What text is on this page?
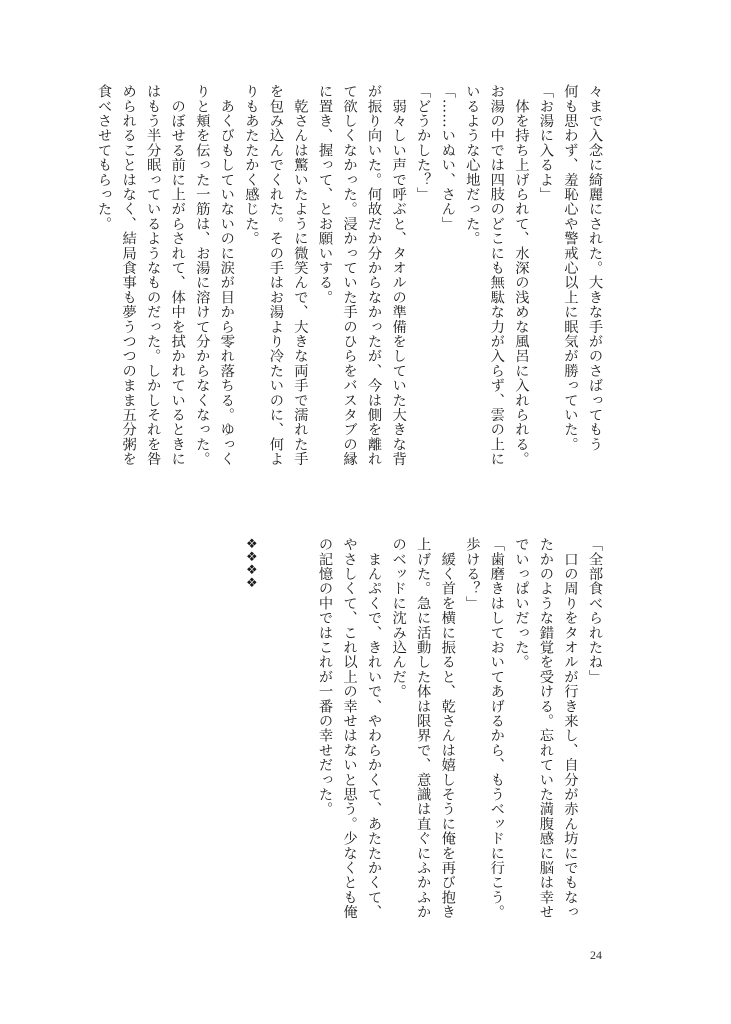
々まで入念に綺麗にされた。大きな手がのさばってもう
何も思わず、羞恥心や警戒心以上に眠気が勝っていた。
「お湯に入るよ」
　体を持ち上げられて、水深の浅めな風呂に入れられる。
お湯の中では四肢のどこにも無駄な力が入らず、雲の上に
いるような心地だった。
「……いぬい、さん」
「どうかした？」
　弱々しい声で呼ぶと、タオルの準備をしていた大きな背
が振り向いた。何故だか分からなかったが、今は側を離れ
て欲しくなかった。浸かっていた手のひらをバスタブの縁
に置き、握って、とお願いする。
　乾さんは驚いたように微笑んで、大きな両手で濡れた手
を包み込んでくれた。その手はお湯より冷たいのに、何よ
りもあたたかく感じた。
　あくびもしていないのに涙が目から零れ落ちる。ゆっく
りと頬を伝った一筋は、お湯に溶けて分からなくなった。
　のぼせる前に上がらされて、体中を拭かれているときに
はもう半分眠っているようなものだった。しかしそれを咎
められることはなく、結局食事も夢うつつのまま五分粥を
食べさせてもらった。
「全部食べられたね」
　口の周りをタオルが行き来し、自分が赤ん坊にでもなっ
たかのような錯覚を受ける。忘れていた満腹感に脳は幸せ
でいっぱいだった。
「歯磨きはしておいてあげるから、もうベッドに行こう。
歩ける？」
　緩く首を横に振ると、乾さんは嬉しそうに俺を再び抱き
上げた。急に活動した体は限界で、意識は直ぐにふかふか
のベッドに沈み込んだ。
　まんぷくで、きれいで、やわらかくて、あたたかくて、
やさしくて、これ以上の幸せはないと思う。少なくとも俺
の記憶の中ではこれが一番の幸せだった。

❖❖❖❖
24
